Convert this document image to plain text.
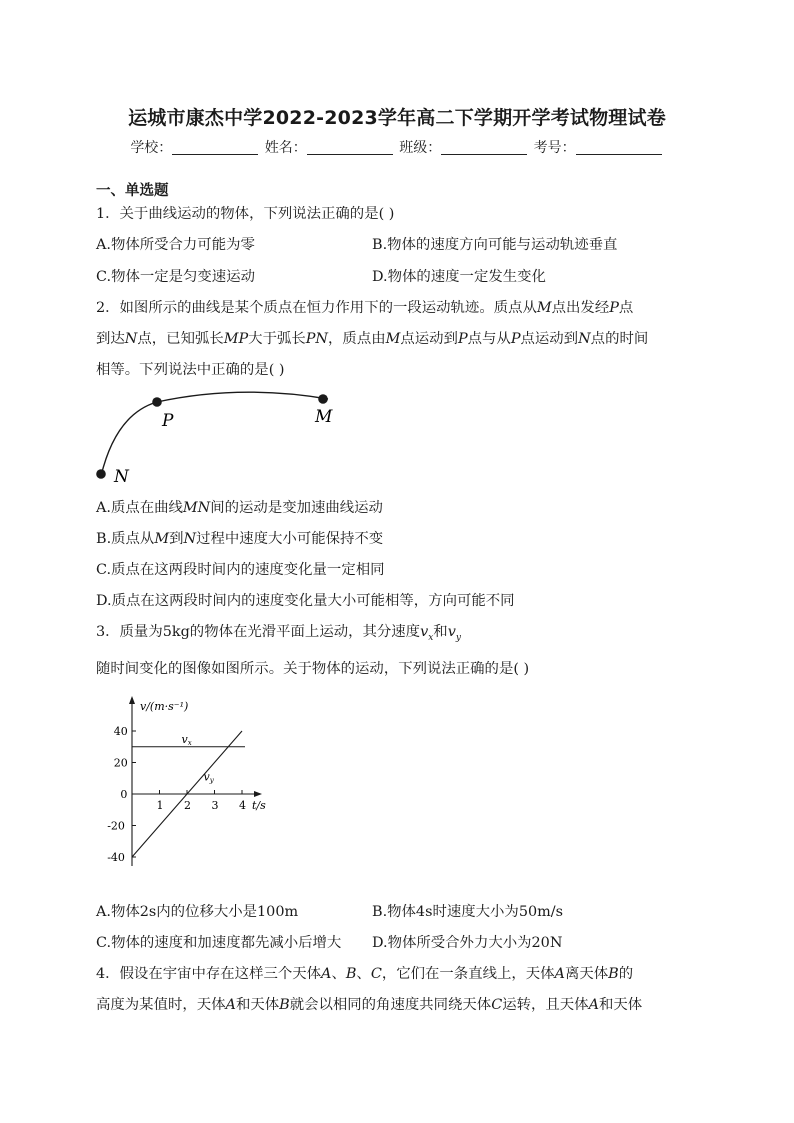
运城市康杰中学2022-2023学年高二下学期开学考试物理试卷
学校：	姓名：	班级：	考号：
一、单选题
1．关于曲线运动的物体，下列说法正确的是( )
A.物体所受合力可能为零	B.物体的速度方向可能与运动轨迹垂直
C.物体一定是匀变速运动	D.物体的速度一定发生变化
2．如图所示的曲线是某个质点在恒力作用下的一段运动轨迹。质点从M点出发经P点
到达N点，已知弧长MP大于弧长PN，质点由M点运动到P点与从P点运动到N点的时间
相等。下列说法中正确的是( )
P	M
N
A.质点在曲线MN间的运动是变加速曲线运动
B.质点从M到N过程中速度大小可能保持不变
C.质点在这两段时间内的速度变化量一定相同
D.质点在这两段时间内的速度变化量大小可能相等，方向可能不同
3．质量为5kg的物体在光滑平面上运动，其分速度$v_x$和$v_y$
随时间变化的图像如图所示。关于物体的运动，下列说法正确的是( )
v/(m·s⁻¹)
t/s
1 2 3 4
40
20
0
-20
-40
vx
vy
A.物体2s内的位移大小是100m	B.物体4s时速度大小为50m/s
C.物体的速度和加速度都先减小后增大 D.物体所受合外力大小为20N
4．假设在宇宙中存在这样三个天体A、B、C，它们在一条直线上，天体A离天体B的
高度为某值时，天体A和天体B就会以相同的角速度共同绕天体C运转，且天体A和天体
